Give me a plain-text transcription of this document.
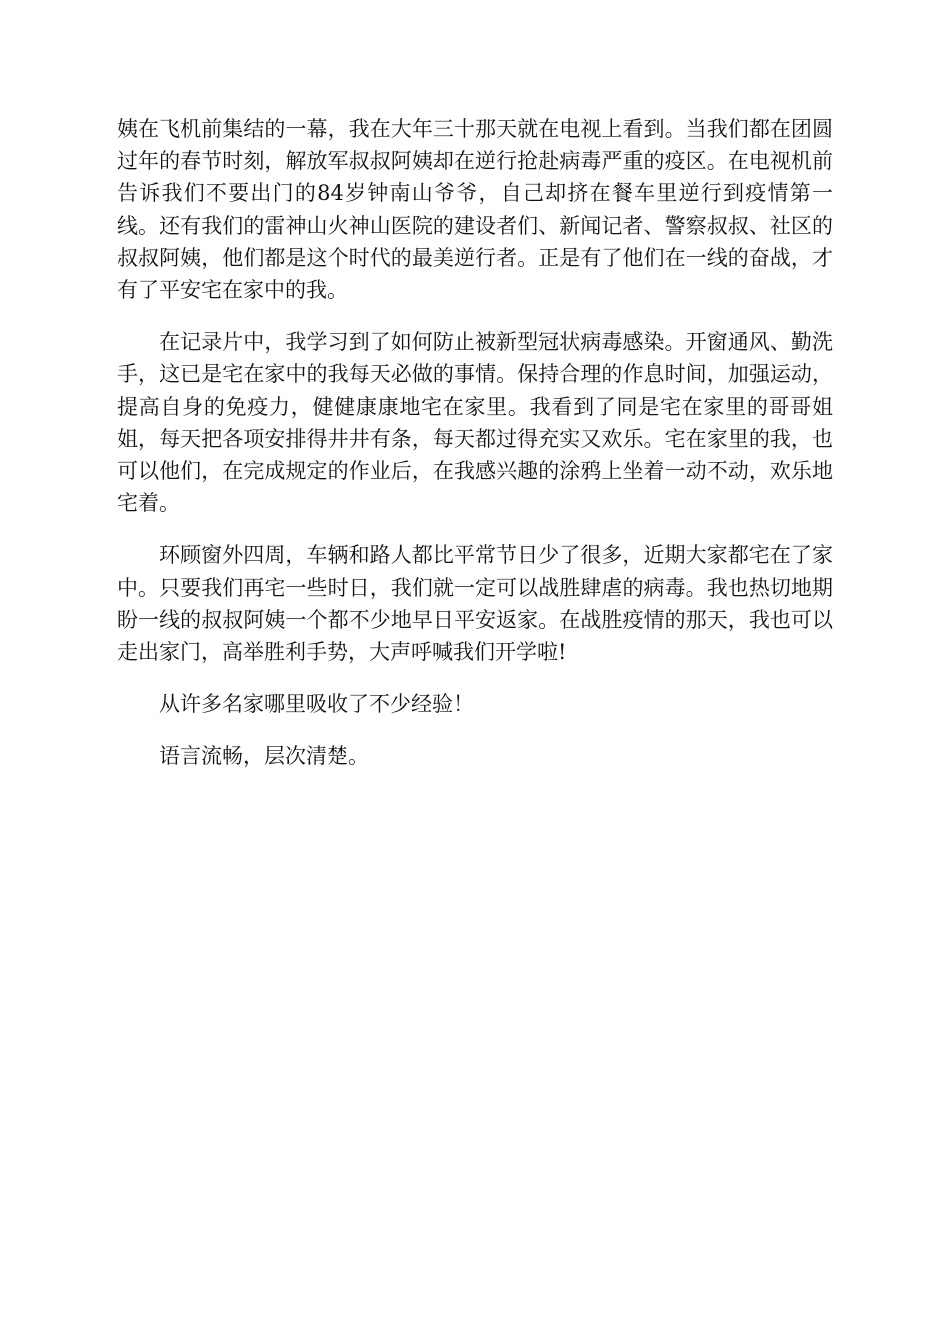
姨在飞机前集结的一幕，我在大年三十那天就在电视上看到。当我们都在团圆过年的春节时刻，解放军叔叔阿姨却在逆行抢赴病毒严重的疫区。在电视机前告诉我们不要出门的84岁钟南山爷爷，自己却挤在餐车里逆行到疫情第一线。还有我们的雷神山火神山医院的建设者们、新闻记者、警察叔叔、社区的叔叔阿姨，他们都是这个时代的最美逆行者。正是有了他们在一线的奋战，才有了平安宅在家中的我。

在记录片中，我学习到了如何防止被新型冠状病毒感染。开窗通风、勤洗手，这已是宅在家中的我每天必做的事情。保持合理的作息时间，加强运动，提高自身的免疫力，健健康康地宅在家里。我看到了同是宅在家里的哥哥姐姐，每天把各项安排得井井有条，每天都过得充实又欢乐。宅在家里的我，也可以他们，在完成规定的作业后，在我感兴趣的涂鸦上坐着一动不动，欢乐地宅着。

环顾窗外四周，车辆和路人都比平常节日少了很多，近期大家都宅在了家中。只要我们再宅一些时日，我们就一定可以战胜肆虐的病毒。我也热切地期盼一线的叔叔阿姨一个都不少地早日平安返家。在战胜疫情的那天，我也可以走出家门，高举胜利手势，大声呼喊我们开学啦!

从许多名家哪里吸收了不少经验！

语言流畅，层次清楚。
